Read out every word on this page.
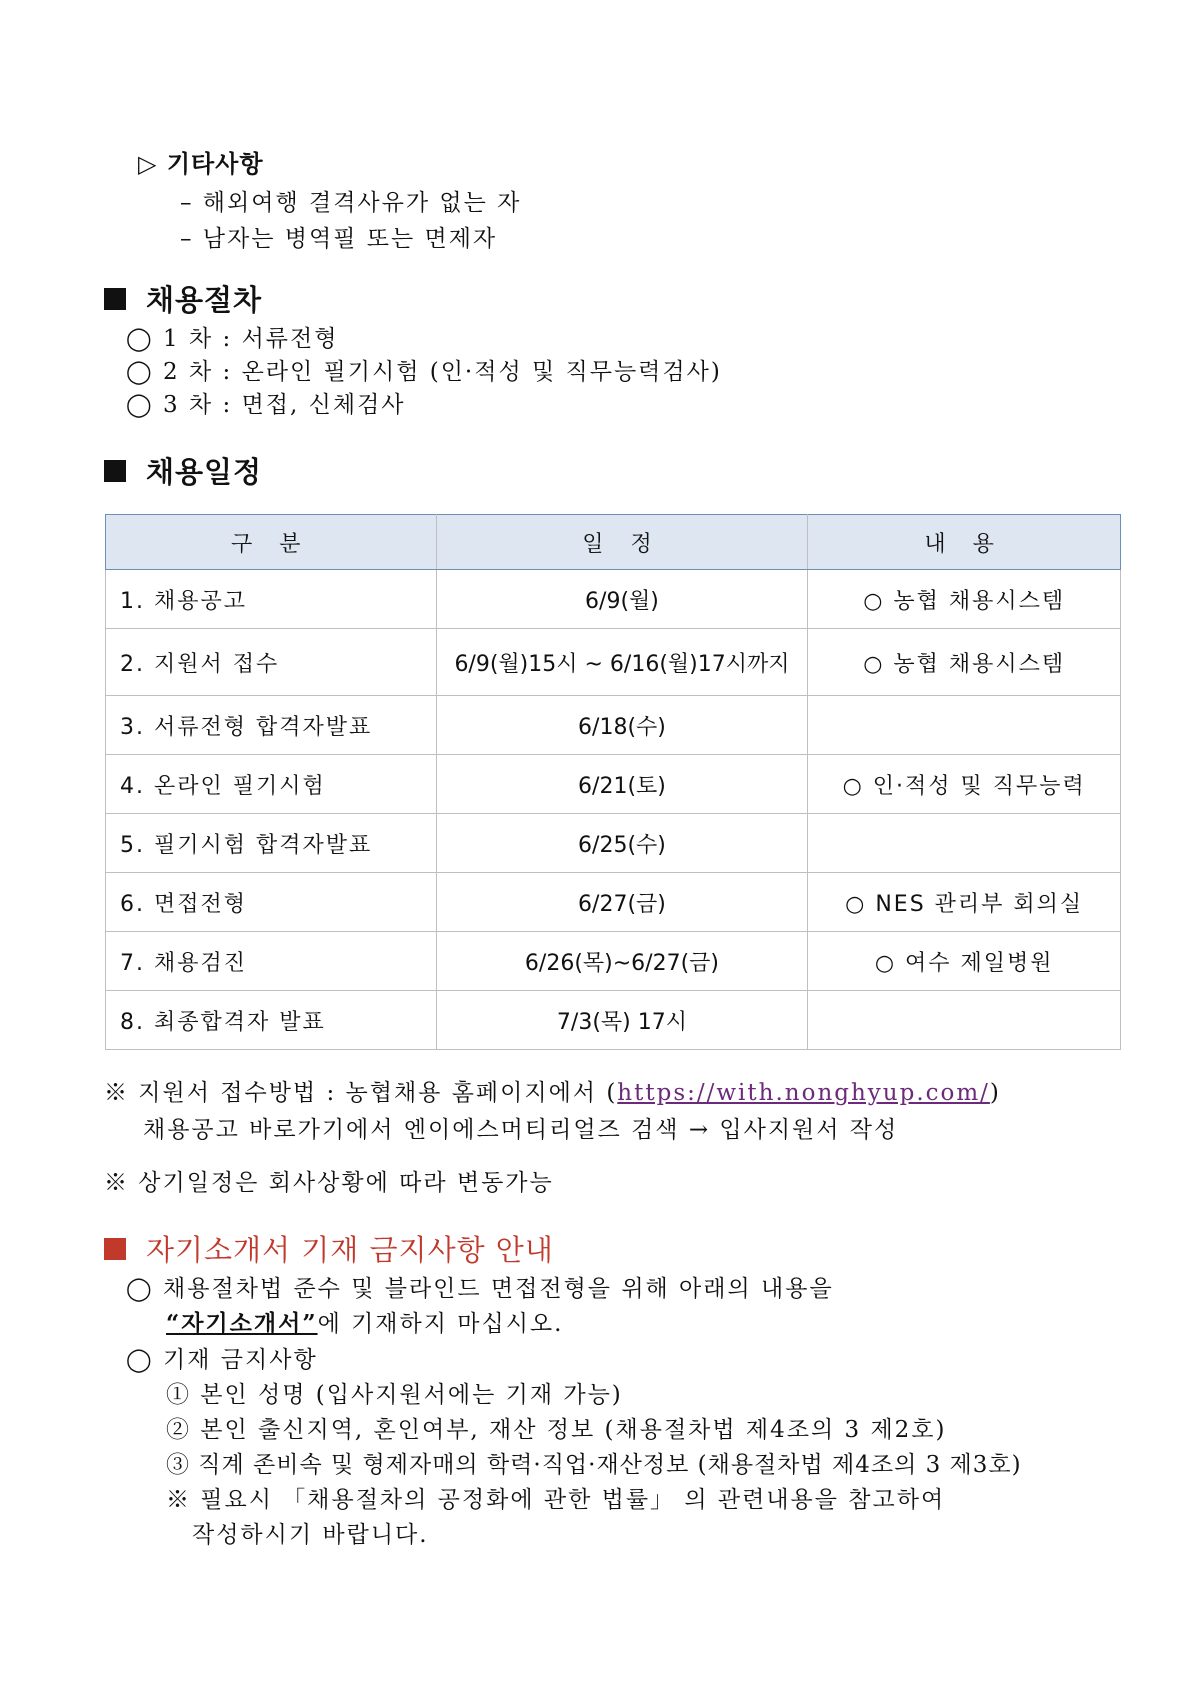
▷ 기타사항
– 해외여행 결격사유가 없는 자
– 남자는 병역필 또는 면제자
채용절차
◯ 1 차 : 서류전형
◯ 2 차 : 온라인 필기시험 (인·적성 및 직무능력검사)
◯ 3 차 : 면접, 신체검사
채용일정
구 분	일 정	내 용
1. 채용공고	6/9(월)	○ 농협 채용시스템
2. 지원서 접수	6/9(월)15시 ~ 6/16(월)17시까지	○ 농협 채용시스템
3. 서류전형 합격자발표	6/18(수)	
4. 온라인 필기시험	6/21(토)	○ 인·적성 및 직무능력
5. 필기시험 합격자발표	6/25(수)	
6. 면접전형	6/27(금)	○ NES 관리부 회의실
7. 채용검진	6/26(목)~6/27(금)	○ 여수 제일병원
8. 최종합격자 발표	7/3(목) 17시	
※ 지원서 접수방법 : 농협채용 홈페이지에서 (https://with.nonghyup.com/)
채용공고 바로가기에서 엔이에스머티리얼즈 검색 → 입사지원서 작성
※ 상기일정은 회사상황에 따라 변동가능
자기소개서 기재 금지사항 안내
◯ 채용절차법 준수 및 블라인드 면접전형을 위해 아래의 내용을
“자기소개서”에 기재하지 마십시오.
◯ 기재 금지사항
① 본인 성명 (입사지원서에는 기재 가능)
② 본인 출신지역, 혼인여부, 재산 정보 (채용절차법 제4조의 3 제2호)
③ 직계 존비속 및 형제자매의 학력·직업·재산정보 (채용절차법 제4조의 3 제3호)
※ 필요시 「채용절차의 공정화에 관한 법률」 의 관련내용을 참고하여
작성하시기 바랍니다.
